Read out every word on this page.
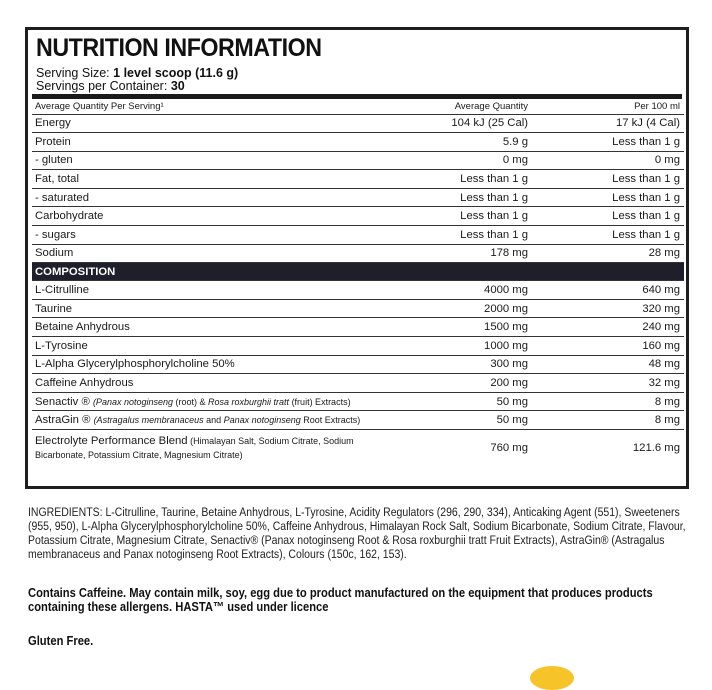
NUTRITION INFORMATION
Serving Size: 1 level scoop (11.6 g)
Servings per Container: 30
Average Quantity Per Serving¹	Average Quantity	Per 100 ml
Energy	104 kJ (25 Cal)	17 kJ (4 Cal)
Protein	5.9 g	Less than 1 g
- gluten	0 mg	0 mg
Fat, total	Less than 1 g	Less than 1 g
- saturated	Less than 1 g	Less than 1 g
Carbohydrate	Less than 1 g	Less than 1 g
- sugars	Less than 1 g	Less than 1 g
Sodium	178 mg	28 mg
COMPOSITION		
L-Citrulline	4000 mg	640 mg
Taurine	2000 mg	320 mg
Betaine Anhydrous	1500 mg	240 mg
L-Tyrosine	1000 mg	160 mg
L-Alpha Glycerylphosphorylcholine 50%	300 mg	48 mg
Caffeine Anhydrous	200 mg	32 mg
Senactiv ® (Panax notoginseng (root) & Rosa roxburghii tratt (fruit) Extracts)	50 mg	8 mg
AstraGin ® (Astragalus membranaceus and Panax notoginseng Root Extracts)	50 mg	8 mg
Electrolyte Performance Blend (Himalayan Salt, Sodium Citrate, Sodium
Bicarbonate, Potassium Citrate, Magnesium Citrate)	760 mg	121.6 mg
INGREDIENTS: L-Citrulline, Taurine, Betaine Anhydrous, L-Tyrosine, Acidity Regulators (296, 290, 334), Anticaking Agent (551), Sweeteners (955, 950), L-Alpha Glycerylphosphorylcholine 50%, Caffeine Anhydrous, Himalayan Rock Salt, Sodium Bicarbonate, Sodium Citrate, Flavour, Potassium Citrate, Magnesium Citrate, Senactiv® (Panax notoginseng Root & Rosa roxburghii tratt Fruit Extracts), AstraGin® (Astragalus membranaceus and Panax notoginseng Root Extracts), Colours (150c, 162, 153).
Contains Caffeine. May contain milk, soy, egg due to product manufactured on the equipment that produces products containing these allergens. HASTA™ used under licence
Gluten Free.
